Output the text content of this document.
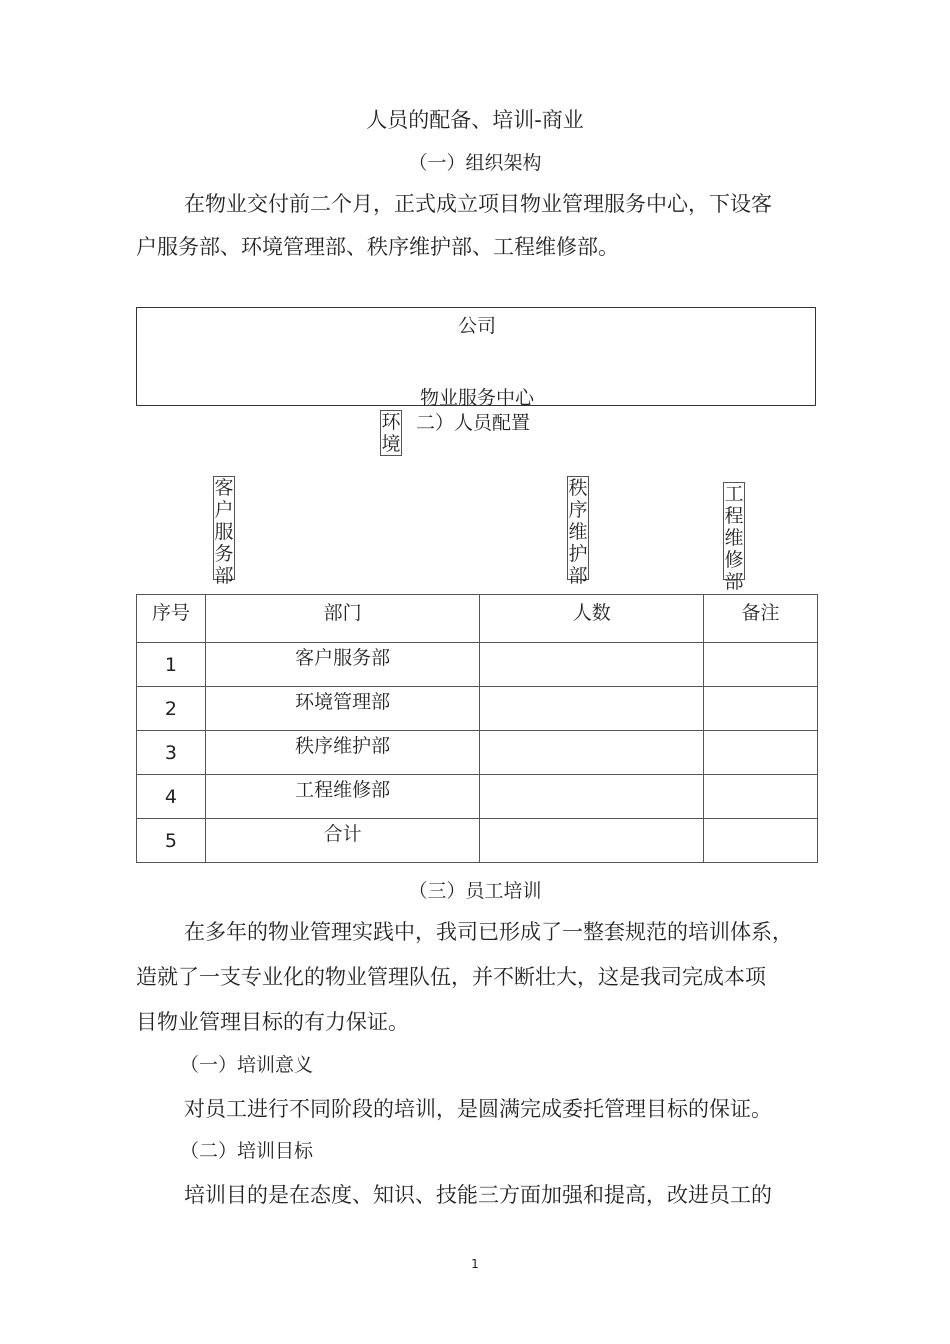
人员的配备、培训-商业

（一）组织架构

在物业交付前二个月，正式成立项目物业管理服务中心，下设客

户服务部、环境管理部、秩序维护部、工程维修部。

公司
物业服务中心
环境

二）人员配置

客户服务部
秩序维护部
工程维修部
序号	部门	人数	备注
1	客户服务部		
2	环境管理部		
3	秩序维护部		
4	工程维修部		
5	合计		

（三）员工培训

在多年的物业管理实践中，我司已形成了一整套规范的培训体系，

造就了一支专业化的物业管理队伍，并不断壮大，这是我司完成本项

目物业管理目标的有力保证。

（一）培训意义

对员工进行不同阶段的培训，是圆满完成委托管理目标的保证。

（二）培训目标

培训目的是在态度、知识、技能三方面加强和提高，改进员工的

1
